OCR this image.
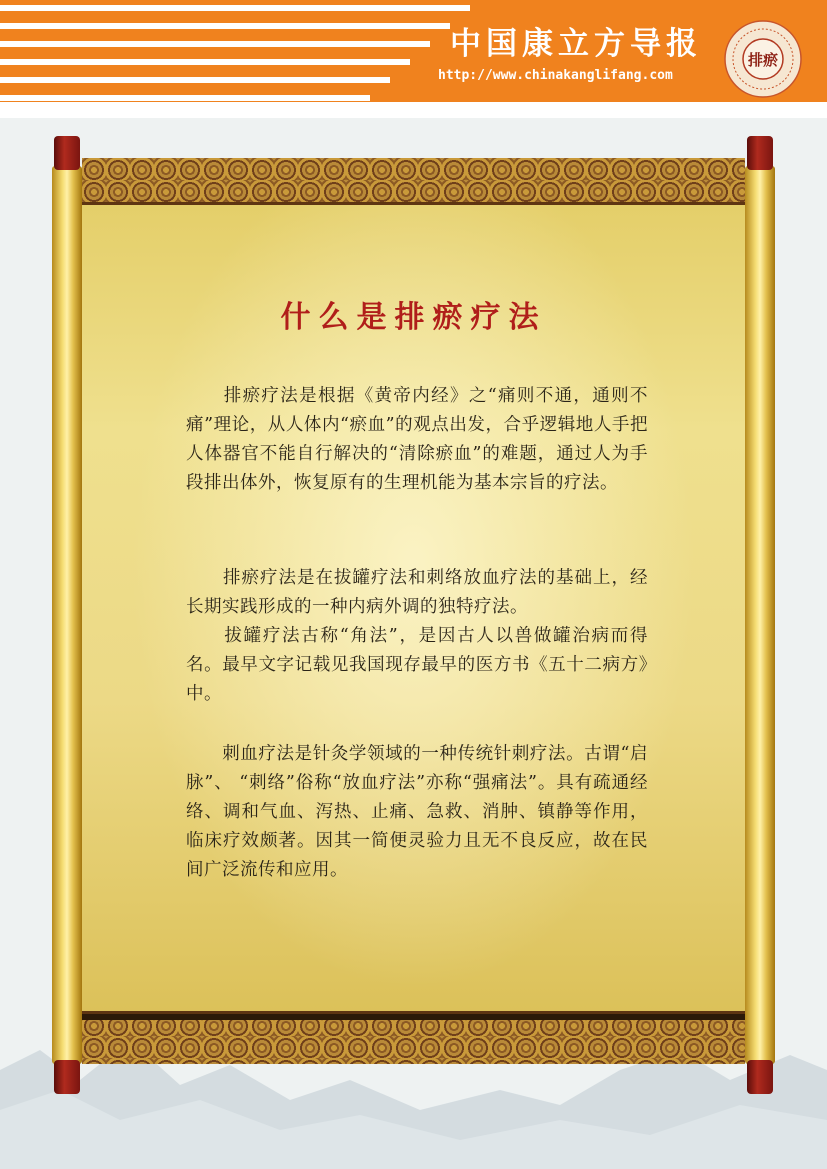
中国康立方导报
http://www.chinakanglifang.com
排瘀
什么是排瘀疗法
　　排瘀疗法是根据《黄帝内经》之“痛则不通，通则不痛”理论，从人体内“瘀血”的观点出发，合乎逻辑地人手把人体器官不能自行解决的“清除瘀血”的难题，通过人为手段排出体外，恢复原有的生理机能为基本宗旨的疗法。
　　排瘀疗法是在拔罐疗法和刺络放血疗法的基础上，经长期实践形成的一种内病外调的独特疗法。
　　拔罐疗法古称“角法”，是因古人以兽做罐治病而得名。最早文字记载见我国现存最早的医方书《五十二病方》中。
　　刺血疗法是针灸学领域的一种传统针刺疗法。古谓“启脉”、 “刺络”俗称“放血疗法”亦称“强痛法”。具有疏通经络、调和气血、泻热、止痛、急救、消肿、镇静等作用，临床疗效颇著。因其一简便灵验力且无不良反应，故在民间广泛流传和应用。
